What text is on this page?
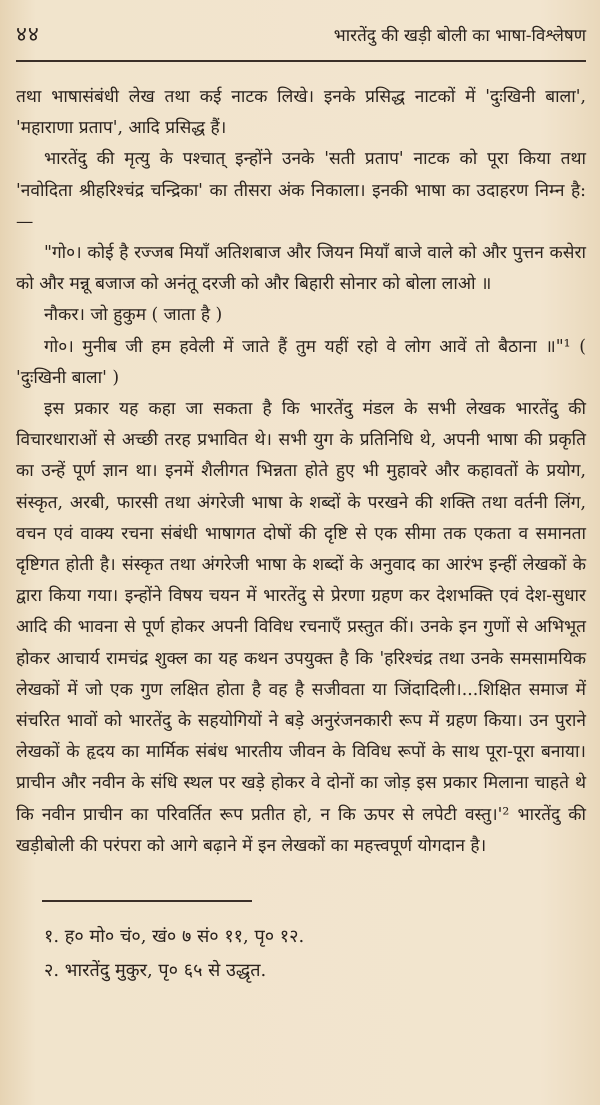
४४	भारतेंदु की खड़ी बोली का भाषा-विश्लेषण

तथा भाषासंबंधी लेख तथा कई नाटक लिखे। इनके प्रसिद्ध नाटकों में 'दुःखिनी बाला', 'महाराणा प्रताप', आदि प्रसिद्ध हैं।

भारतेंदु की मृत्यु के पश्चात् इन्होंने उनके 'सती प्रताप' नाटक को पूरा किया तथा 'नवोदिता श्रीहरिश्चंद्र चन्द्रिका' का तीसरा अंक निकाला। इनकी भाषा का उदाहरण निम्न है:—

"गो०। कोई है रज्जब मियाँ अतिशबाज और जियन मियाँ बाजे वाले को और पुत्तन कसेरा को और मन्नू बजाज को अनंतू दरजी को और बिहारी सोनार को बोला लाओ ॥

नौकर। जो हुकुम ( जाता है )

गो०। मुनीब जी हम हवेली में जाते हैं तुम यहीं रहो वे लोग आवें तो बैठाना ॥"¹ ( 'दुःखिनी बाला' )

इस प्रकार यह कहा जा सकता है कि भारतेंदु मंडल के सभी लेखक भारतेंदु की विचारधाराओं से अच्छी तरह प्रभावित थे। सभी युग के प्रतिनिधि थे, अपनी भाषा की प्रकृति का उन्हें पूर्ण ज्ञान था। इनमें शैलीगत भिन्नता होते हुए भी मुहावरे और कहावतों के प्रयोग, संस्कृत, अरबी, फारसी तथा अंगरेजी भाषा के शब्दों के परखने की शक्ति तथा वर्तनी लिंग, वचन एवं वाक्य रचना संबंधी भाषागत दोषों की दृष्टि से एक सीमा तक एकता व समानता दृष्टिगत होती है। संस्कृत तथा अंगरेजी भाषा के शब्दों के अनुवाद का आरंभ इन्हीं लेखकों के द्वारा किया गया। इन्होंने विषय चयन में भारतेंदु से प्रेरणा ग्रहण कर देशभक्ति एवं देश-सुधार आदि की भावना से पूर्ण होकर अपनी विविध रचनाएँ प्रस्तुत कीं। उनके इन गुणों से अभिभूत होकर आचार्य रामचंद्र शुक्ल का यह कथन उपयुक्त है कि 'हरिश्चंद्र तथा उनके समसामयिक लेखकों में जो एक गुण लक्षित होता है वह है सजीवता या जिंदादिली।...शिक्षित समाज में संचरित भावों को भारतेंदु के सहयोगियों ने बड़े अनुरंजनकारी रूप में ग्रहण किया। उन पुराने लेखकों के हृदय का मार्मिक संबंध भारतीय जीवन के विविध रूपों के साथ पूरा-पूरा बनाया। प्राचीन और नवीन के संधि स्थल पर खड़े होकर वे दोनों का जोड़ इस प्रकार मिलाना चाहते थे कि नवीन प्राचीन का परिवर्तित रूप प्रतीत हो, न कि ऊपर से लपेटी वस्तु।'² भारतेंदु की खड़ीबोली की परंपरा को आगे बढ़ाने में इन लेखकों का महत्त्वपूर्ण योगदान है।

१. ह० मो० चं०, खं० ७ सं० ११, पृ० १२.

२. भारतेंदु मुकुर, पृ० ६५ से उद्धृत.
